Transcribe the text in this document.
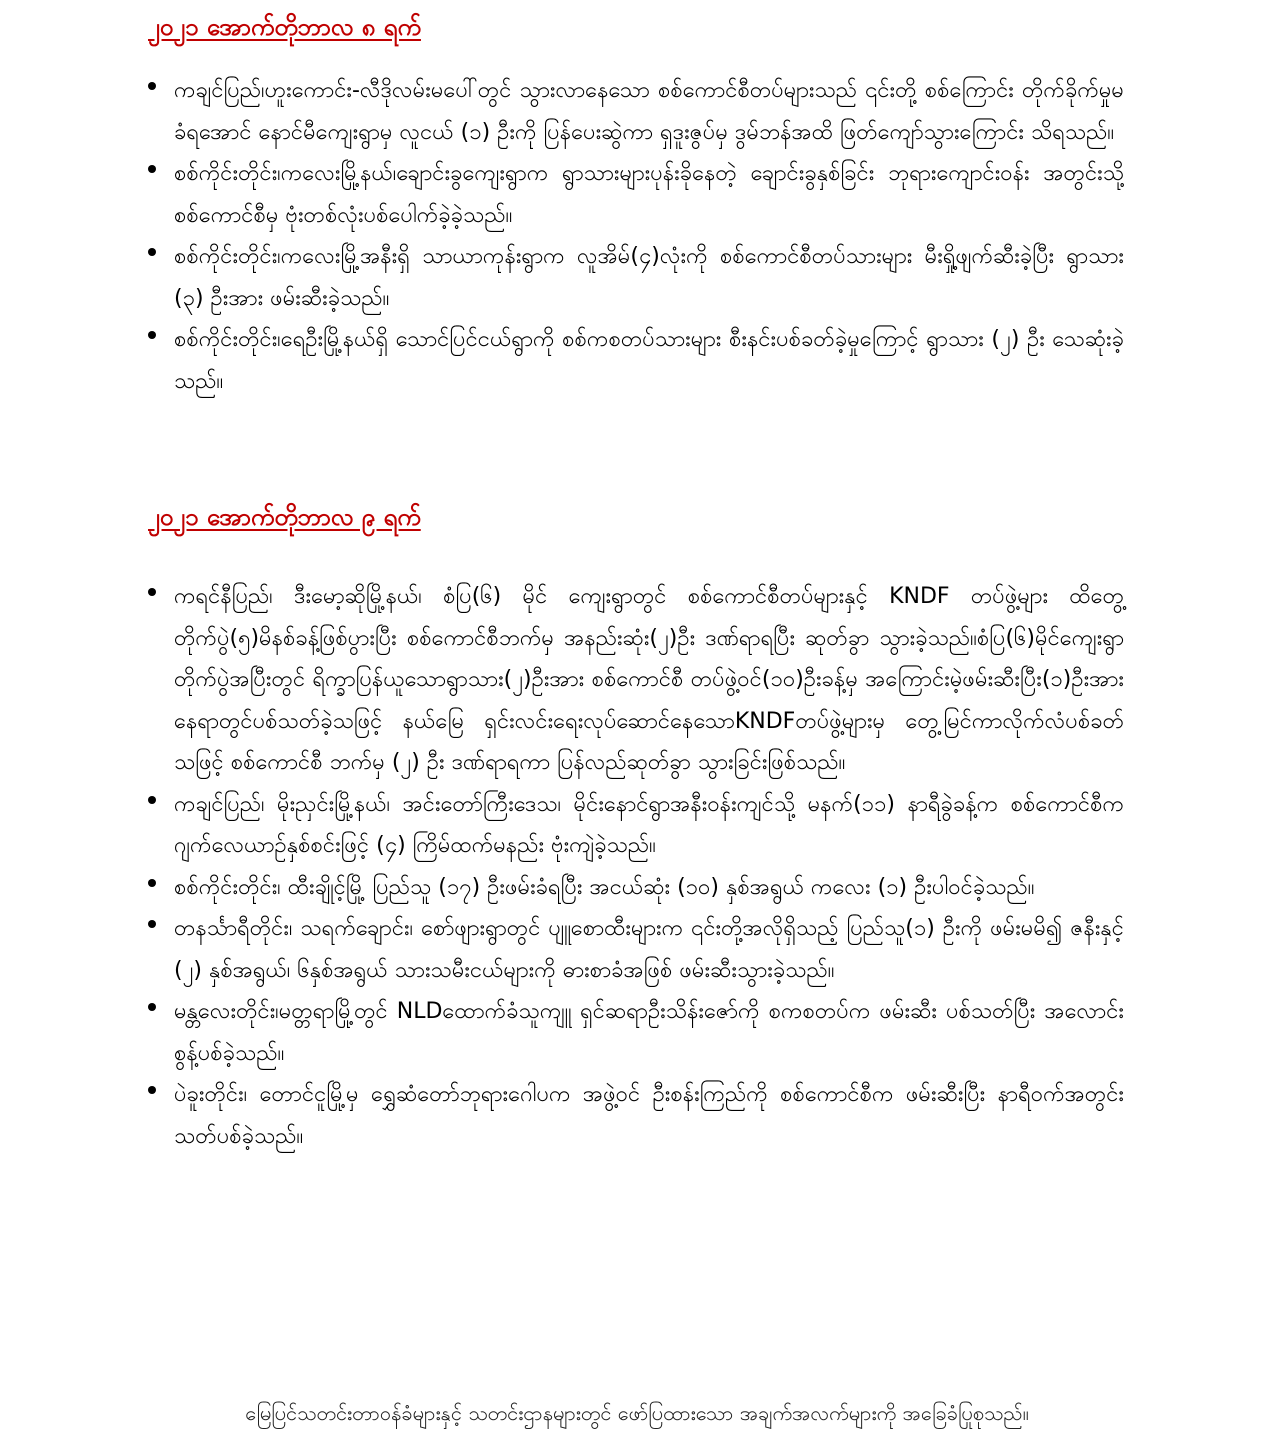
၂၀၂၁ အောက်တိုဘာလ ၈ ရက်
ကချင်ပြည်၊ဟူးကောင်း-လီဒိုလမ်းမပေါ်တွင် သွားလာနေသော စစ်ကောင်စီတပ်များသည် ၎င်းတို့ စစ်ကြောင်း တိုက်ခိုက်မှုမခံရအောင် နောင်မီကျေးရွာမှ လူငယ် (၁) ဦးကို ပြန်ပေးဆွဲကာ ရှဒူးဇွပ်မှ ဒွမ်ဘန်အထိ ဖြတ်ကျော်သွားကြောင်း သိရသည်။
စစ်ကိုင်းတိုင်း၊ကလေးမြို့နယ်၊ချောင်းခွကျေးရွာက ရွာသားများပုန်းခိုနေတဲ့ ချောင်းခွနှစ်ခြင်း ဘုရားကျောင်းဝန်း အတွင်းသို့ စစ်ကောင်စီမှ ဗုံးတစ်လုံးပစ်ပေါက်ခဲ့ခဲ့သည်။
စစ်ကိုင်းတိုင်း၊ကလေးမြို့အနီးရှိ သာယာကုန်းရွာက လူအိမ်(၄)လုံးကို စစ်ကောင်စီတပ်သားများ မီးရှို့ဖျက်ဆီးခဲ့ပြီး ရွာသား (၃) ဦးအား ဖမ်းဆီးခဲ့သည်။
စစ်ကိုင်းတိုင်း၊ရေဦးမြို့နယ်ရှိ သောင်ပြင်ငယ်ရွာကို စစ်ကစတပ်သားများ စီးနင်းပစ်ခတ်ခဲ့မှုကြောင့် ရွာသား (၂) ဦး သေဆုံးခဲ့သည်။
၂၀၂၁ အောက်တိုဘာလ ၉ ရက်
ကရင်နီပြည်၊ ဒီးမော့ဆိုမြို့နယ်၊ စံပြ(၆) မိုင် ကျေးရွာတွင် စစ်ကောင်စီတပ်များနှင့် KNDF တပ်ဖွဲ့များ ထိတွေ့တိုက်ပွဲ(၅)မိနစ်ခန့်ဖြစ်ပွားပြီး စစ်ကောင်စီဘက်မှ အနည်းဆုံး(၂)ဦး ဒဏ်ရာရပြီး ဆုတ်ခွာ သွားခဲ့သည်။စံပြ(၆)မိုင်ကျေးရွာတိုက်ပွဲအပြီးတွင် ရိက္ခာပြန်ယူသောရွာသား(၂)ဦးအား စစ်ကောင်စီ တပ်ဖွဲ့ဝင်(၁၀)ဦးခန့်မှ အကြောင်းမဲ့ဖမ်းဆီးပြီး(၁)ဦးအား နေရာတွင်ပစ်သတ်ခဲ့သဖြင့် နယ်မြေ ရှင်းလင်းရေးလုပ်ဆောင်နေသောKNDFတပ်ဖွဲ့များမှ တွေ့မြင်ကာလိုက်လံပစ်ခတ်သဖြင့် စစ်ကောင်စီ ဘက်မှ (၂) ဦး ဒဏ်ရာရကာ ပြန်လည်ဆုတ်ခွာ သွားခြင်းဖြစ်သည်။
ကချင်ပြည်၊ မိုးညှင်းမြို့နယ်၊ အင်းတော်ကြီးဒေသ၊ မိုင်းနောင်ရွာအနီးဝန်းကျင်သို့ မနက်(၁၁) နာရီခွဲခန့်က စစ်ကောင်စီက ဂျက်လေယာဉ်နှစ်စင်းဖြင့် (၄) ကြိမ်ထက်မနည်း ဗုံးကျဲခဲ့သည်။
စစ်ကိုင်းတိုင်း၊ ထီးချိုင့်မြို့ ပြည်သူ (၁၇) ဦးဖမ်းခံရပြီး အငယ်ဆုံး (၁၀) နှစ်အရွယ် ကလေး (၁) ဦးပါဝင်ခဲ့သည်။
တနင်္သာရီတိုင်း၊ သရက်ချောင်း၊ စော်ဖျားရွာတွင် ပျူစောထီးများက ၎င်းတို့အလိုရှိသည့် ပြည်သူ(၁) ဦးကို ဖမ်းမမိ၍ ဇနီးနှင့် (၂) နှစ်အရွယ်၊ ၆နှစ်အရွယ် သားသမီးငယ်များကို ဓားစာခံအဖြစ် ဖမ်းဆီးသွားခဲ့သည်။
မန္တလေးတိုင်း၊မတ္တရာမြို့တွင် NLDထောက်ခံသူကျူ ရှင်ဆရာဦးသိန်းဇော်ကို စကစတပ်က ဖမ်းဆီး ပစ်သတ်ပြီး အလောင်းစွန့်ပစ်ခဲ့သည်။
ပဲခူးတိုင်း၊ တောင်ငူမြို့မှ ရွှေဆံတော်ဘုရားဂေါပက အဖွဲ့ဝင် ဦးစန်းကြည်ကို စစ်ကောင်စီက ဖမ်းဆီးပြီး နာရီဝက်အတွင်း သတ်ပစ်ခဲ့သည်။
မြေပြင်သတင်းတာဝန်ခံများနှင့် သတင်းဌာနများတွင် ဖော်ပြထားသော အချက်အလက်များကို အခြေခံပြုစုသည်။
